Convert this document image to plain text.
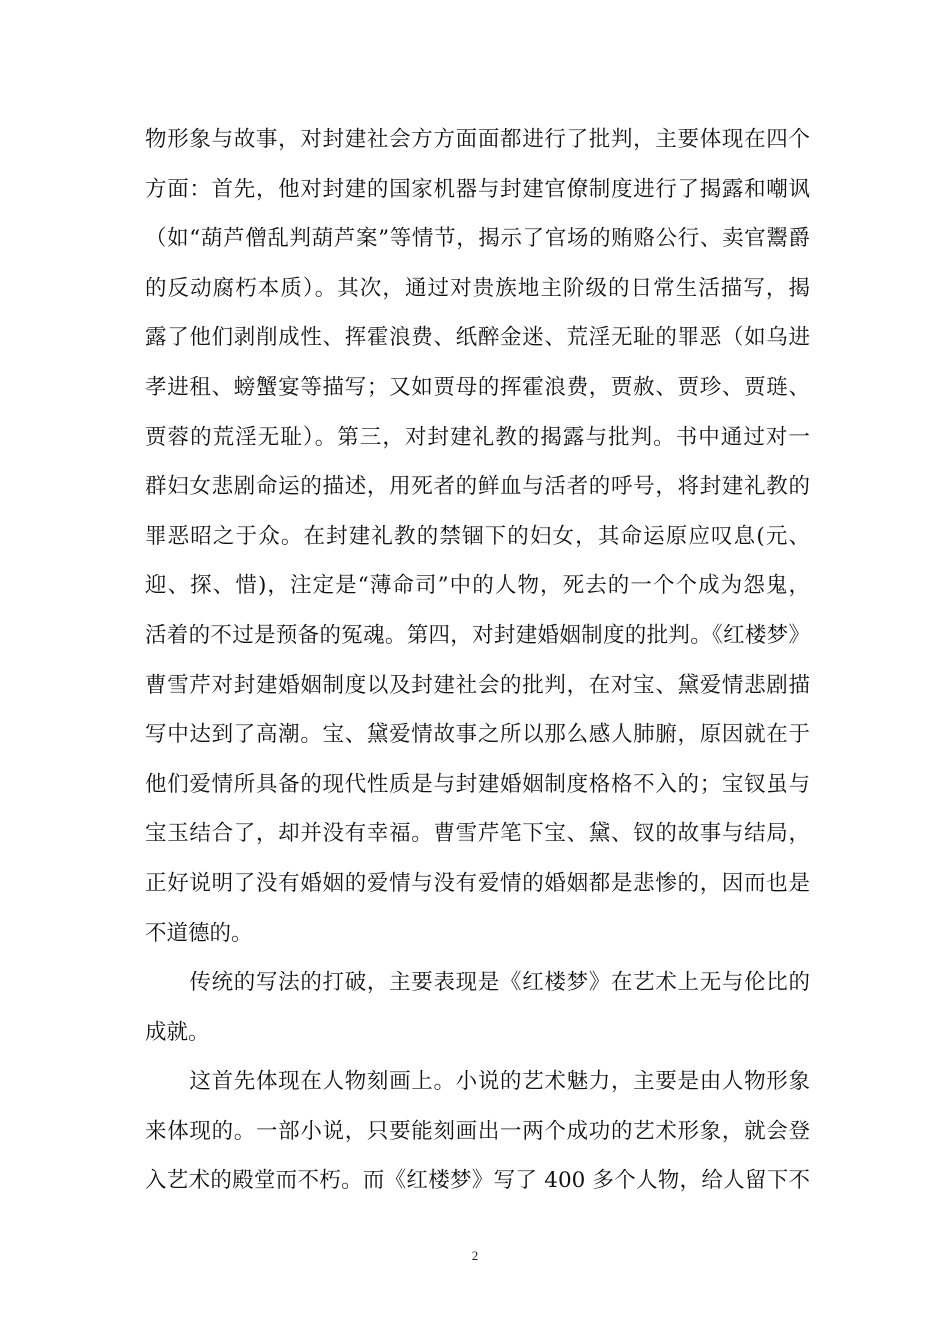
物形象与故事，对封建社会方方面面都进行了批判，主要体现在四个
方面：首先，他对封建的国家机器与封建官僚制度进行了揭露和嘲讽
（如“葫芦僧乱判葫芦案”等情节，揭示了官场的贿赂公行、卖官鬻爵
的反动腐朽本质）。其次，通过对贵族地主阶级的日常生活描写，揭
露了他们剥削成性、挥霍浪费、纸醉金迷、荒淫无耻的罪恶（如乌进
孝进租、螃蟹宴等描写；又如贾母的挥霍浪费，贾赦、贾珍、贾琏、
贾蓉的荒淫无耻）。第三，对封建礼教的揭露与批判。书中通过对一
群妇女悲剧命运的描述，用死者的鲜血与活者的呼号，将封建礼教的
罪恶昭之于众。在封建礼教的禁锢下的妇女，其命运原应叹息(元、
迎、探、惜)，注定是“薄命司”中的人物，死去的一个个成为怨鬼，
活着的不过是预备的冤魂。第四，对封建婚姻制度的批判。《红楼梦》
曹雪芹对封建婚姻制度以及封建社会的批判，在对宝、黛爱情悲剧描
写中达到了高潮。宝、黛爱情故事之所以那么感人肺腑，原因就在于
他们爱情所具备的现代性质是与封建婚姻制度格格不入的；宝钗虽与
宝玉结合了，却并没有幸福。曹雪芹笔下宝、黛、钗的故事与结局，
正好说明了没有婚姻的爱情与没有爱情的婚姻都是悲惨的，因而也是
不道德的。
　　传统的写法的打破，主要表现是《红楼梦》在艺术上无与伦比的
成就。
　　这首先体现在人物刻画上。小说的艺术魅力，主要是由人物形象
来体现的。一部小说，只要能刻画出一两个成功的艺术形象，就会登
入艺术的殿堂而不朽。而《红楼梦》写了 400 多个人物，给人留下不
2
